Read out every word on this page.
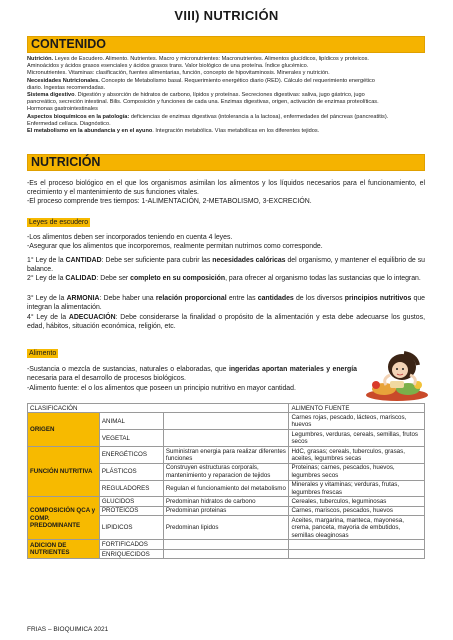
VIII) NUTRICIÓN
CONTENIDO

Nutrición. Leyes de Escudero. Alimento. Nutrientes. Macro y micronutrientes: Macronutrientes. Alimentos glucídicos, lipídicos y proteicos.

Aminoácidos y ácidos grasos esenciales y ácidos grasos trans. Valor biológico de una proteína. Índice glucémico.

Micronutrientes. Vitaminas: clasificación, fuentes alimentarias, función, concepto de hipovitaminosis. Minerales y nutrición.

Necesidades Nutricionales. Concepto de Metabolismo basal. Requerimiento energético diario (RED). Cálculo del requerimiento energético

diario. Ingestas recomendadas.

Sistema digestivo. Digestión y absorción de hidratos de carbono, lípidos y proteínas. Secreciones digestivas: saliva, jugo gástrico, jugo

pancreático, secreción intestinal. Bilis. Composición y funciones de cada una. Enzimas digestivas, origen, activación de enzimas proteolíticas.

Hormonas gastrointestinales

Aspectos bioquímicos en la patología: deficiencias de enzimas digestivas (intolerancia a la lactosa), enfermedades del páncreas (pancreatitis).

Enfermedad celíaca. Diagnóstico.

El metabolismo en la abundancia y en el ayuno. Integración metabólica. Vías metabólicas en los diferentes tejidos.

NUTRICIÓN
-Es el proceso biológico en el que los organismos asimilan los alimentos y los líquidos necesarios para el funcionamiento, el crecimiento y el mantenimiento de sus funciones vitales.
-El proceso comprende tres tiempos: 1-ALIMENTACIÓN, 2-METABOLISMO, 3-EXCRECIÓN.
Leyes de escudero
-Los alimentos deben ser incorporados teniendo en cuenta 4 leyes.
-Asegurar que los alimentos que incorporemos, realmente permitan nutrirnos como corresponde.
1° Ley de la CANTIDAD: Debe ser suficiente para cubrir las necesidades calóricas del organismo, y mantener el equilibrio de su balance.
2° Ley de la CALIDAD: Debe ser completo en su composición, para ofrecer al organismo todas las sustancias que lo integran.
3° Ley de la ARMONIA: Debe haber una relación proporcional entre las cantidades de los diversos principios nutritivos que integran la alimentación.
4° Ley de la ADECUACIÓN: Debe considerarse la finalidad o propósito de la alimentación y esta debe adecuarse los gustos, edad, hábitos, situación económica, religión, etc.
Alimento
-Sustancia o mezcla de sustancias, naturales o elaboradas, que ingeridas aportan materiales y energía necesaria para el desarrollo de procesos biológicos.
-Alimento fuente: el o los alimentos que poseen un principio nutritivo en mayor cantidad.
CLASIFICACIÓN			ALIMENTO FUENTE
ORIGEN	ANIMAL		Carnes rojas, pescado, lácteos, mariscos, huevos
	VEGETAL		Legumbres, verduras, cereals, semillas, frutos secos
FUNCIÓN NUTRITIVA	ENERGÉTICOS	Suministran energia para realizar diferentes funciones	HdC, grasas; cereals, tuberculos, grasas, aceites, legumbres secas
	PLÁSTICOS	Construyen estructuras corporals, mantenimiento y reparacion de tejidos	Proteinas; carnes, pescados, huevos, legumbres secos
	REGULADORES	Regulan el funcionamiento del metabolismo	Minerales y vitaminas; verduras, frutas, legumbres frescas
COMPOSICIÓN QCA y COMP. PREDOMINANTE	GLUCIDOS	Predominan hidratos de carbono	Cereales, tuberculos, leguminosas
	PROTEICOS	Predominan proteinas	Carnes, mariscos, pescados, huevos
	LIPIDICOS	Predominan lipidos	Aceites, margarina, manteca, mayonesa, crema, panceta, mayoria de embutidos, semillas oleaginosas
ADICION DE NUTRIENTES	FORTIFICADOS		
	ENRIQUECIDOS		
FRIAS – BIOQUIMICA 2021
